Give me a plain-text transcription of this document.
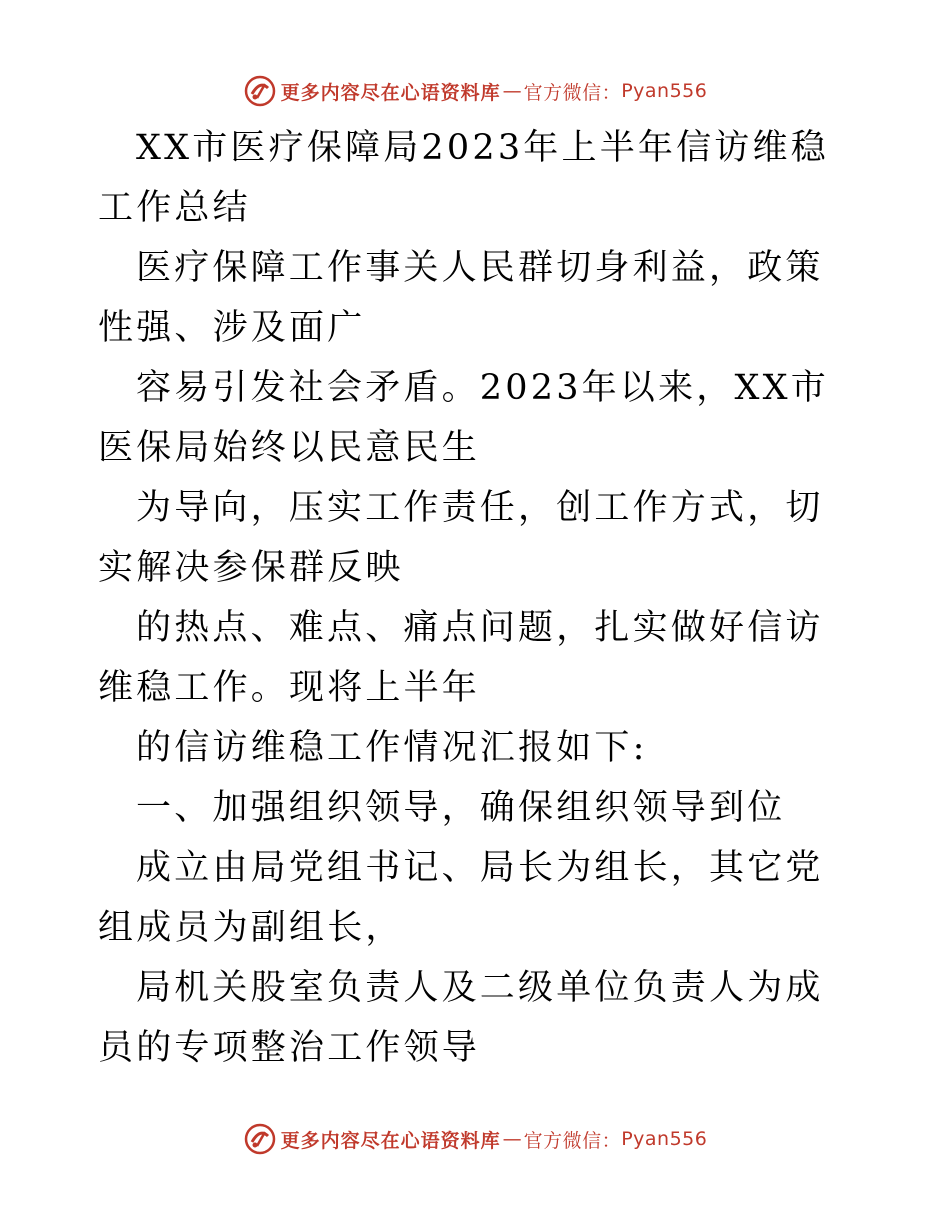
更多内容尽在心语资料库 — 官方微信： Pyan556

XX市医疗保障局2023年上半年信访维稳工作总结

医疗保障工作事关人民群切身利益，政策性强、涉及面广

容易引发社会矛盾。2023年以来，XX市医保局始终以民意民生

为导向，压实工作责任，创工作方式，切实解决参保群反映

的热点、难点、痛点问题，扎实做好信访维稳工作。现将上半年

的信访维稳工作情况汇报如下:

一、加强组织领导，确保组织领导到位

成立由局党组书记、局长为组长，其它党组成员为副组长，

局机关股室负责人及二级单位负责人为成员的专项整治工作领导

更多内容尽在心语资料库 — 官方微信： Pyan556
